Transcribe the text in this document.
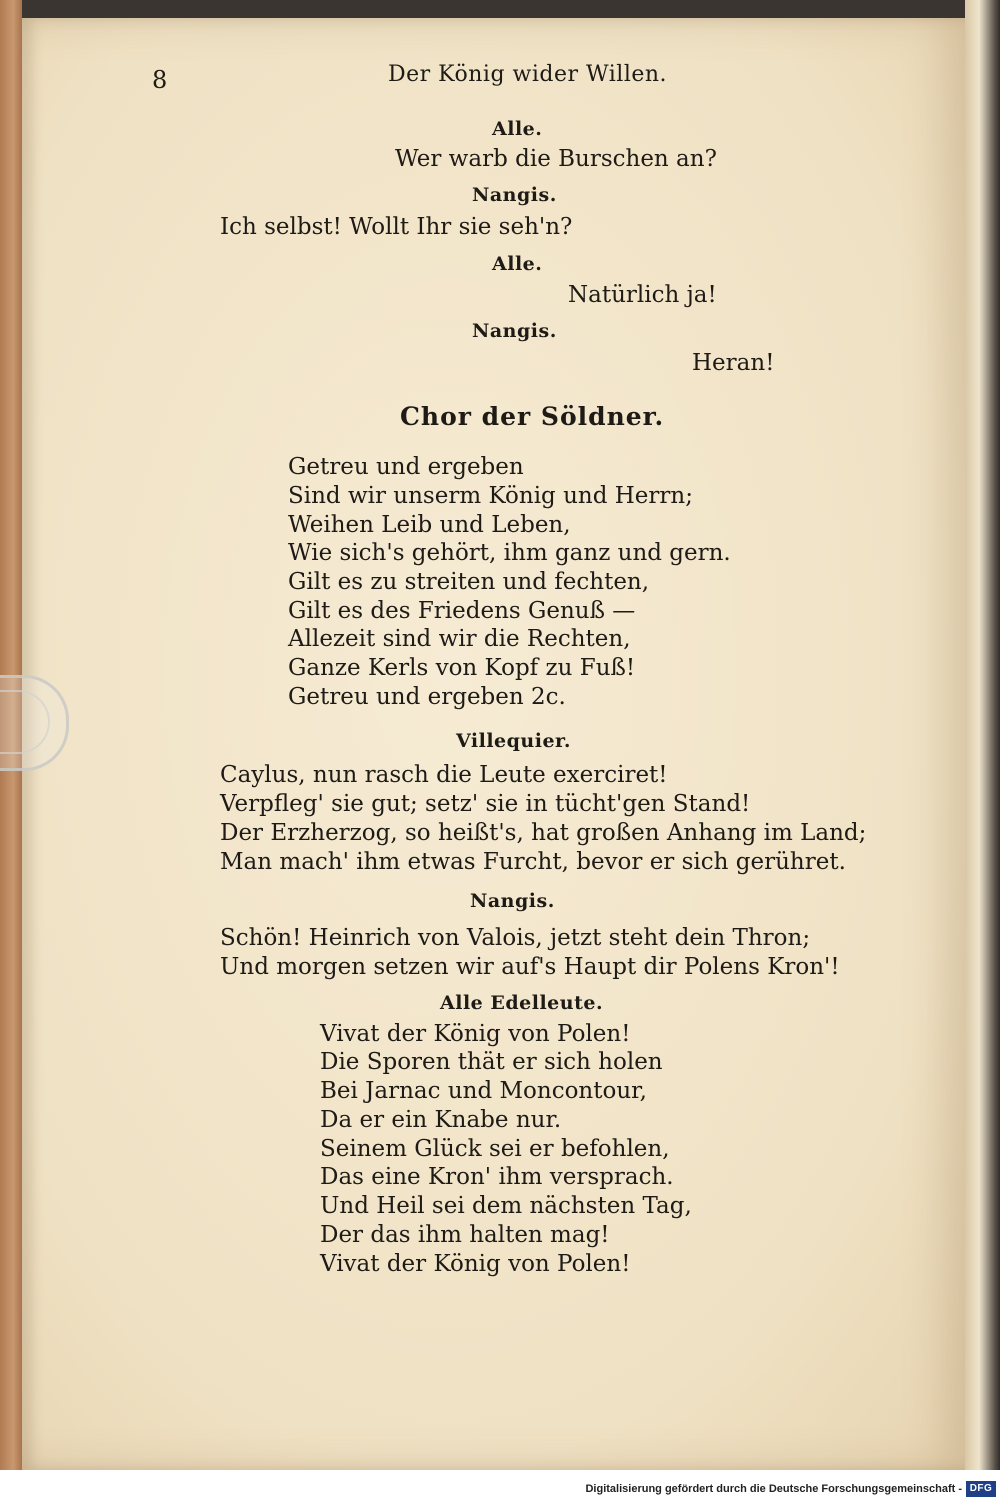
8	Der König wider Willen.
Alle.
Wer warb die Burschen an?
Nangis.
Ich selbst! Wollt Ihr sie seh'n?
Alle.
Natürlich ja!
Nangis.
Heran!
Chor der Söldner.
Getreu und ergeben
Sind wir unserm König und Herrn;
Weihen Leib und Leben,
Wie sich's gehört, ihm ganz und gern.
Gilt es zu streiten und fechten,
Gilt es des Friedens Genuß —
Allezeit sind wir die Rechten,
Ganze Kerls von Kopf zu Fuß!
Getreu und ergeben 2c.
Villequier.
Caylus, nun rasch die Leute exerciret!
Verpfleg' sie gut; setz' sie in tücht'gen Stand!
Der Erzherzog, so heißt's, hat großen Anhang im Land;
Man mach' ihm etwas Furcht, bevor er sich gerühret.
Nangis.
Schön! Heinrich von Valois, jetzt steht dein Thron;
Und morgen setzen wir auf's Haupt dir Polens Kron'!
Alle Edelleute.
Vivat der König von Polen!
Die Sporen thät er sich holen
Bei Jarnac und Moncontour,
Da er ein Knabe nur.
Seinem Glück sei er befohlen,
Das eine Kron' ihm versprach.
Und Heil sei dem nächsten Tag,
Der das ihm halten mag!
Vivat der König von Polen!
Digitalisierung gefördert durch die Deutsche Forschungsgemeinschaft - DFG
